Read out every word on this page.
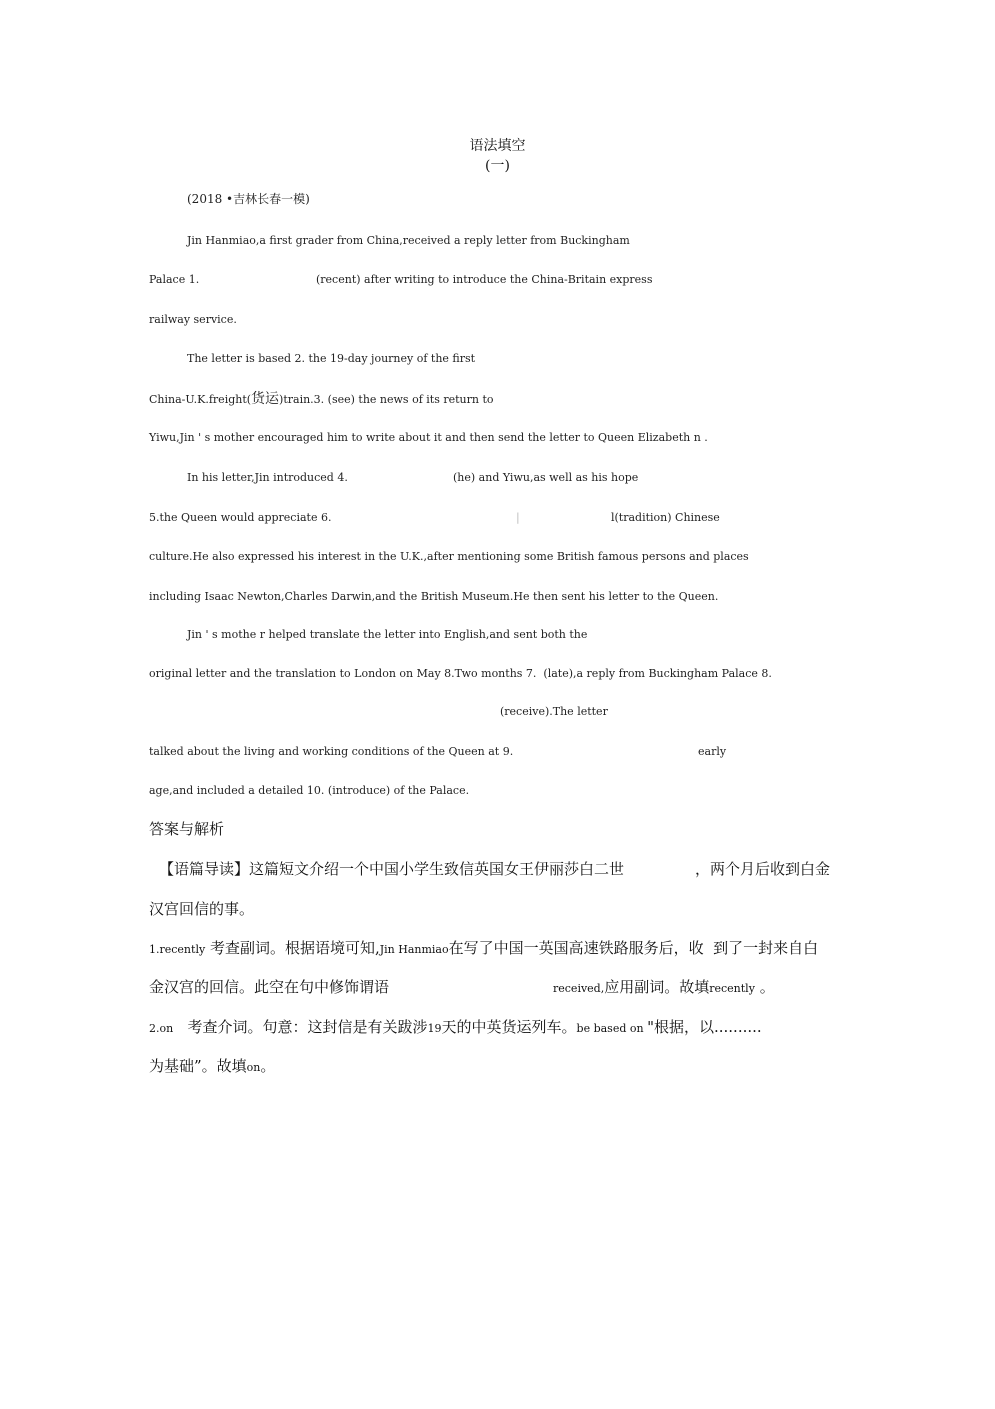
语法填空
(一)
(2018 •吉林长春一模)
Jin Hanmiao,a first grader from China,received a reply letter from Buckingham
Palace 1.	(recent) after writing to introduce the China-Britain express
railway service.
The letter is based 2. the 19-day journey of the first
China-U.K.freight(货运)train.3. (see) the news of its return to
Yiwu,Jin ' s mother encouraged him to write about it and then send the letter to Queen Elizabeth n .
In his letter,Jin introduced 4.	(he) and Yiwu,as well as his hope
5.the Queen would appreciate 6.	|	l(tradition) Chinese
culture.He also expressed his interest in the U.K.,after mentioning some British famous persons and places
including Isaac Newton,Charles Darwin,and the British Museum.He then sent his letter to the Queen.
Jin ' s mothe r helped translate the letter into English,and sent both the
original letter and the translation to London on May 8.Two months 7.  (late),a reply from Buckingham Palace 8.
(receive).The letter
talked about the living and working conditions of the Queen at 9.	early
age,and included a detailed 10. (introduce) of the Palace.
答案与解析
【语篇导读】这篇短文介绍一个中国小学生致信英国女王伊丽莎白二世	，两个月后收到白金
汉宫回信的事。
1.recently 考查副词。根据语境可知,Jin Hanmiao在写了中国一英国高速铁路服务后，收  到了一封来自白
金汉宫的回信。此空在句中修饰谓语	received,应用副词。故填recently 。
2.on   考查介词。句意：这封信是有关跋涉19天的中英货运列车。be based on "根据，以..........
为基础”。故填on。
